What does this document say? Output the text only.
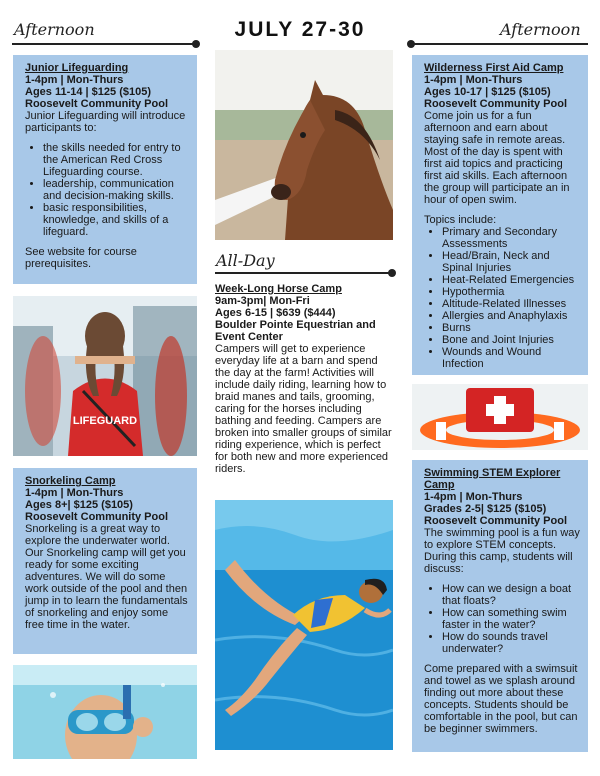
Afternoon	JULY 27-30	Afternoon
Junior Lifeguarding
1-4pm | Mon-Thurs
Ages 11-14 | $125 ($105)
Roosevelt Community Pool

Junior Lifeguarding will introduce participants to:

• the skills needed for entry to the American Red Cross Lifeguarding course.
• leadership, communication and decision-making skills.
• basic responsibilities, knowledge, and skills of a lifeguard.

See website for course prerequisites.

LIFEGUARD
Snorkeling Camp
1-4pm | Mon-Thurs
Ages 8+| $125 ($105)
Roosevelt Community Pool

Snorkeling is a great way to explore the underwater world. Our Snorkeling camp will get you ready for some exciting adventures. We will do some work outside of the pool and then jump in to learn the fundamentals of snorkeling and enjoy some free time in the water.

All-Day
Week-Long Horse Camp
9am-3pm| Mon-Fri
Ages 6-15 | $639 ($444)
Boulder Pointe Equestrian and Event Center

Campers will get to experience everyday life at a barn and spend the day at the farm! Activities will include daily riding, learning how to braid manes and tails, grooming, caring for the horses including bathing and feeding. Campers are broken into smaller groups of similar riding experience, which is perfect for both new and more experienced riders.

Wilderness First Aid Camp
1-4pm | Mon-Thurs
Ages 10-17 | $125 ($105)
Roosevelt Community Pool

Come join us for a fun afternoon and earn about staying safe in remote areas. Most of the day is spent with first aid topics and practicing first aid skills. Each afternoon the group will participate an in hour of open swim.

Topics include:

• Primary and Secondary Assessments
• Head/Brain, Neck and Spinal Injuries
• Heat-Related Emergencies
• Hypothermia
• Altitude-Related Illnesses
• Allergies and Anaphylaxis
• Burns
• Bone and Joint Injuries
• Wounds and Wound Infection
Swimming STEM Explorer Camp
1-4pm | Mon-Thurs
Grades 2-5| $125 ($105)
Roosevelt Community Pool

The swimming pool is a fun way to explore STEM concepts. During this camp, students will discuss:

• How can we design a boat that floats?
• How can something swim faster in the water?
• How do sounds travel underwater?

Come prepared with a swimsuit and towel as we splash around finding out more about these concepts. Students should be comfortable in the pool, but can be beginner swimmers.
